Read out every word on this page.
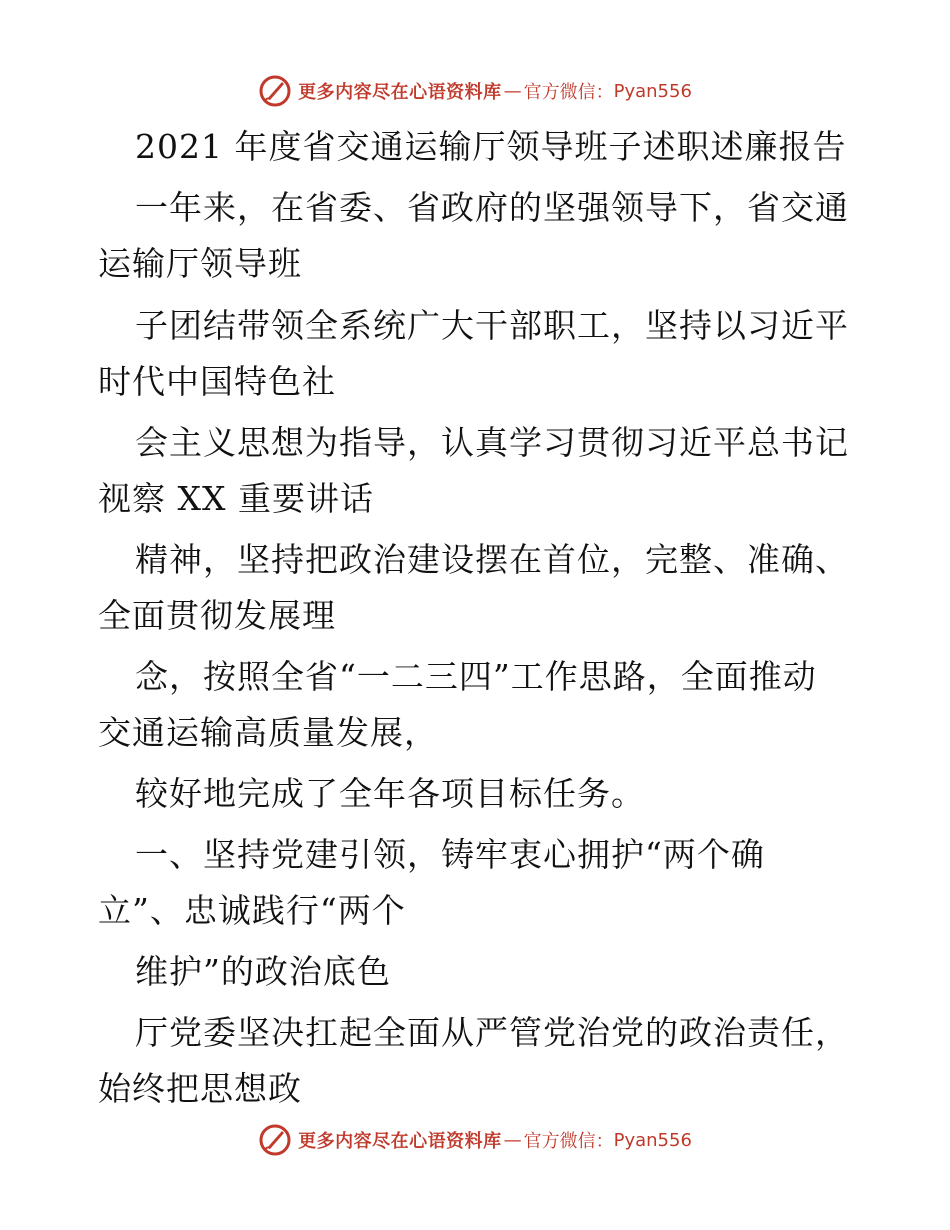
更多内容尽在心语资料库 — 官方微信： Pyan556
2021 年度省交通运输厅领导班子述职述廉报告
一年来，在省委、省政府的坚强领导下，省交通
运输厅领导班
子团结带领全系统广大干部职工，坚持以习近平
时代中国特色社
会主义思想为指导，认真学习贯彻习近平总书记
视察 XX 重要讲话
精神，坚持把政治建设摆在首位，完整、准确、
全面贯彻发展理
念，按照全省“一二三四”工作思路，全面推动
交通运输高质量发展，
较好地完成了全年各项目标任务。
一、坚持党建引领，铸牢衷心拥护“两个确
立”、忠诚践行“两个
维护”的政治底色
厅党委坚决扛起全面从严管党治党的政治责任，
始终把思想政
更多内容尽在心语资料库 — 官方微信： Pyan556
